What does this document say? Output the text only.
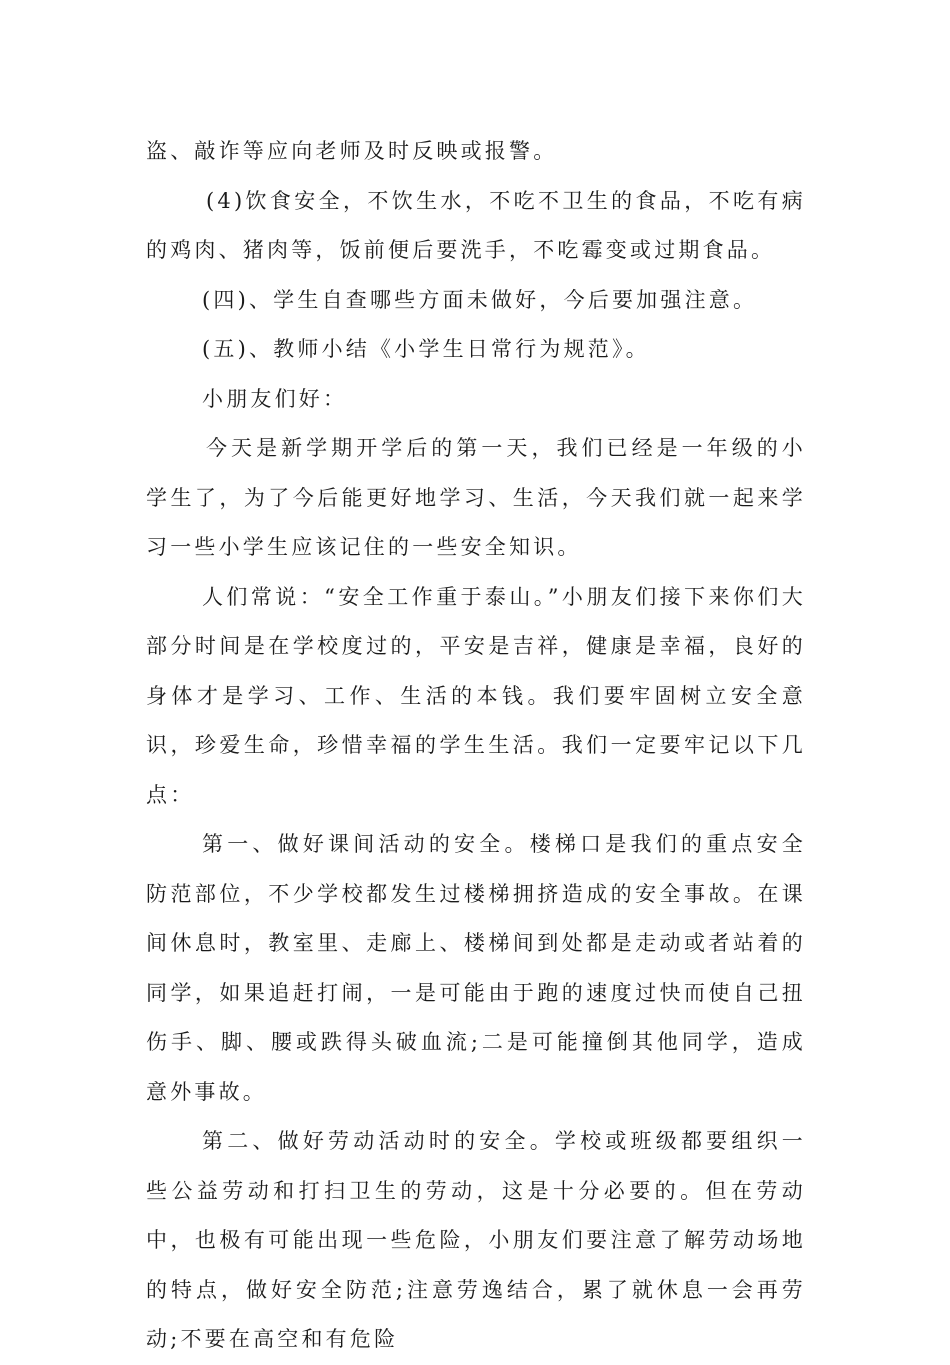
盗、敲诈等应向老师及时反映或报警。

(4)饮食安全，不饮生水，不吃不卫生的食品，不吃有病的鸡肉、猪肉等，饭前便后要洗手，不吃霉变或过期食品。

(四)、学生自查哪些方面未做好，今后要加强注意。

(五)、教师小结《小学生日常行为规范》。

小朋友们好：

今天是新学期开学后的第一天，我们已经是一年级的小学生了，为了今后能更好地学习、生活，今天我们就一起来学习一些小学生应该记住的一些安全知识。

人们常说：“安全工作重于泰山。”小朋友们接下来你们大部分时间是在学校度过的，平安是吉祥，健康是幸福，良好的身体才是学习、工作、生活的本钱。我们要牢固树立安全意识，珍爱生命，珍惜幸福的学生生活。我们一定要牢记以下几点：

第一、做好课间活动的安全。楼梯口是我们的重点安全防范部位，不少学校都发生过楼梯拥挤造成的安全事故。在课间休息时，教室里、走廊上、楼梯间到处都是走动或者站着的同学，如果追赶打闹，一是可能由于跑的速度过快而使自己扭伤手、脚、腰或跌得头破血流;二是可能撞倒其他同学，造成意外事故。

第二、做好劳动活动时的安全。学校或班级都要组织一些公益劳动和打扫卫生的劳动，这是十分必要的。但在劳动中，也极有可能出现一些危险，小朋友们要注意了解劳动场地的特点，做好安全防范;注意劳逸结合，累了就休息一会再劳动;不要在高空和有危险
